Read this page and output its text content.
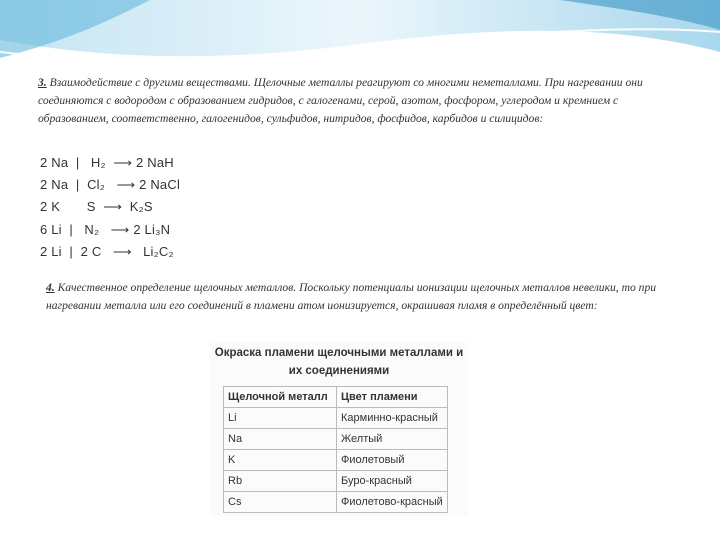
3. Взаимодействие с другими веществами. Щелочные металлы реагируют со многими неметаллами. При нагревании они соединяются с водородом с образованием гидридов, с галогенами, серой, азотом, фосфором, углеродом и кремнием с образованием, соответственно, галогенидов, сульфидов, нитридов, фосфидов, карбидов и силицидов:

2 Na  |   H₂  ⟶ 2 NaH
2 Na  |  Cl₂   ⟶ 2 NaCl
2 K       S  ⟶  K₂S
6 Li  |   N₂   ⟶ 2 Li₃N
2 Li  |  2 C   ⟶   Li₂C₂

4. Качественное определение щелочных металлов. Поскольку потенциалы ионизации щелочных металлов невелики, то при нагревании металла или его соединений в пламени атом ионизируется, окрашивая пламя в определённый цвет:

Окраска пламени щелочными металлами и их соединениями
Щелочной металл	Цвет пламени
Li	Карминно-красный
Na	Желтый
K	Фиолетовый
Rb	Буро-красный
Cs	Фиолетово-красный
